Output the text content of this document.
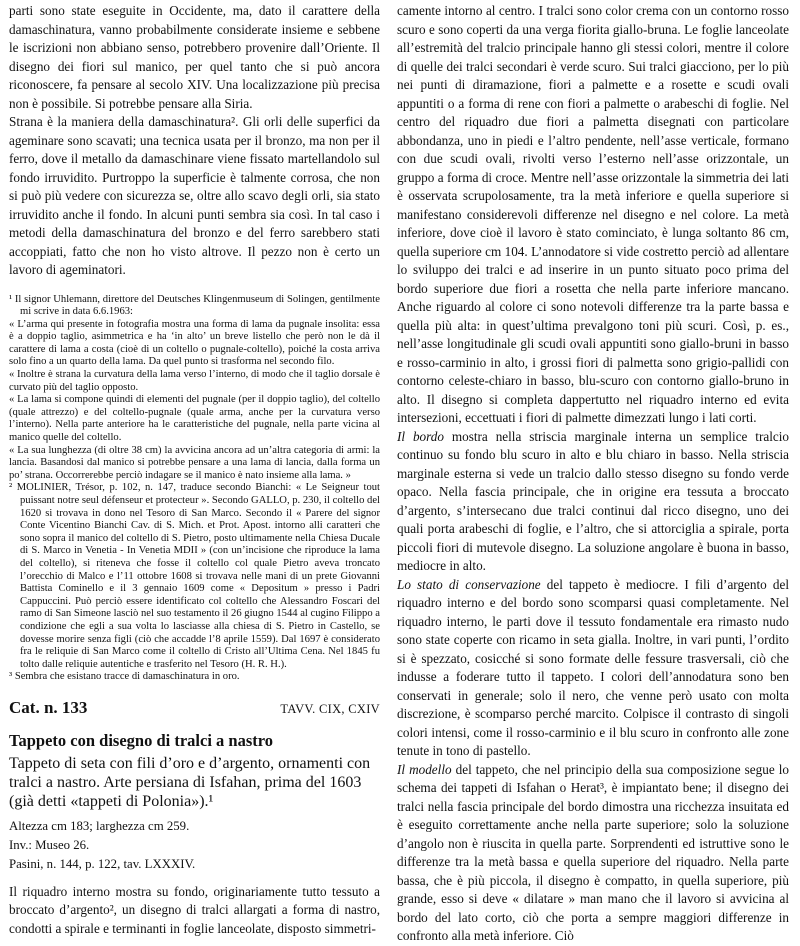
parti sono state eseguite in Occidente, ma, dato il carattere della damaschinatura, vanno probabilmente considerate insieme e sebbene le iscrizioni non abbiano senso, potrebbero provenire dall’Oriente. Il disegno dei fiori sul manico, per quel tanto che si può ancora riconoscere, fa pensare al secolo XIV. Una localizzazione più precisa non è possibile. Si potrebbe pensare alla Siria.

Strana è la maniera della damaschinatura². Gli orli delle superfici da ageminare sono scavati; una tecnica usata per il bronzo, ma non per il ferro, dove il metallo da damaschinare viene fissato martellandolo sul fondo irruvidito. Purtroppo la superficie è talmente corrosa, che non si può più vedere con sicurezza se, oltre allo scavo degli orli, sia stato irruvidito anche il fondo. In alcuni punti sembra sia così. In tal caso i metodi della damaschinatura del bronzo e del ferro sarebbero stati accoppiati, fatto che non ho visto altrove. Il pezzo non è certo un lavoro di ageminatori.

¹ Il signor Uhlemann, direttore del Deutsches Klingenmuseum di Solingen, gentilmente mi scrive in data 6.6.1963:

« L’arma qui presente in fotografia mostra una forma di lama da pugnale insolita: essa è a doppio taglio, asimmetrica e ha ‘in alto’ un breve listello che però non le dà il carattere di lama a costa (cioè di un coltello o pugnale-coltello), poiché la costa arriva solo fino a un quarto della lama. Da quel punto si trasforma nel secondo filo.

« Inoltre è strana la curvatura della lama verso l’interno, di modo che il taglio dorsale è curvato più del taglio opposto.

« La lama si compone quindi di elementi del pugnale (per il doppio taglio), del coltello (quale attrezzo) e del coltello-pugnale (quale arma, anche per la curvatura verso l’interno). Nella parte anteriore ha le caratteristiche del pugnale, nella parte vicina al manico quelle del coltello.

« La sua lunghezza (di oltre 38 cm) la avvicina ancora ad un’altra categoria di armi: la lancia. Basandosi dal manico si potrebbe pensare a una lama di lancia, dalla forma un po’ strana. Occorrerebbe perciò indagare se il manico è nato insieme alla lama. »

² MOLINIER, Trésor, p. 102, n. 147, traduce secondo Bianchi: « Le Seigneur tout puissant notre seul défenseur et protecteur ». Secondo GALLO, p. 230, il coltello del 1620 si trovava in dono nel Tesoro di San Marco. Secondo il « Parere del signor Conte Vicentino Bianchi Cav. di S. Mich. et Prot. Apost. intorno alli caratteri che sono sopra il manico del coltello di S. Pietro, posto ultimamente nella Chiesa Ducale di S. Marco in Venetia - In Venetia MDII » (con un’incisione che riproduce la lama del coltello), si riteneva che fosse il coltello col quale Pietro aveva troncato l’orecchio di Malco e l’11 ottobre 1608 si trovava nelle mani di un prete Giovanni Battista Cominello e il 3 gennaio 1609 come « Depositum » presso i Padri Cappuccini. Può perciò essere identificato col coltello che Alessandro Foscari del ramo di San Simeone lasciò nel suo testamento il 26 giugno 1544 al cugino Filippo a condizione che egli a sua volta lo lasciasse alla chiesa di S. Pietro in Castello, se dovesse morire senza figli (ciò che accadde l’8 aprile 1559). Dal 1697 è considerato fra le reliquie di San Marco come il coltello di Cristo all’Ultima Cena. Nel 1845 fu tolto dalle reliquie autentiche e trasferito nel Tesoro (H. R. H.).

³ Sembra che esistano tracce di damaschinatura in oro.

Cat. n. 133	TAVV. CIX, CXIV
Tappeto con disegno di tralci a nastro

Tappeto di seta con fili d’oro e d’argento, ornamenti con tralci a nastro. Arte persiana di Isfahan, prima del 1603 (già detti «tappeti di Polonia»).¹

Altezza cm 183; larghezza cm 259.
Inv.: Museo 26.
Pasini, n. 144, p. 122, tav. LXXXIV.

Il riquadro interno mostra su fondo, originariamente tutto tessuto a broccato d’argento², un disegno di tralci allargati a forma di nastro, condotti a spirale e terminanti in foglie lanceolate, disposto simmetri-

camente intorno al centro. I tralci sono color crema con un contorno rosso scuro e sono coperti da una verga fiorita giallo-bruna. Le foglie lanceolate all’estremità del tralcio principale hanno gli stessi colori, mentre il colore di quelle dei tralci secondari è verde scuro. Sui tralci giacciono, per lo più nei punti di diramazione, fiori a palmette e a rosette e scudi ovali appuntiti o a forma di rene con fiori a palmette o arabeschi di foglie. Nel centro del riquadro due fiori a palmetta disegnati con particolare abbondanza, uno in piedi e l’altro pendente, nell’asse verticale, formano con due scudi ovali, rivolti verso l’esterno nell’asse orizzontale, un gruppo a forma di croce. Mentre nell’asse orizzontale la simmetria dei lati è osservata scrupolosamente, tra la metà inferiore e quella superiore si manifestano considerevoli differenze nel disegno e nel colore. La metà inferiore, dove cioè il lavoro è stato cominciato, è lunga soltanto 86 cm, quella superiore cm 104. L’annodatore si vide costretto perciò ad allentare lo sviluppo dei tralci e ad inserire in un punto situato poco prima del bordo superiore due fiori a rosetta che nella parte inferiore mancano. Anche riguardo al colore ci sono notevoli differenze tra la parte bassa e quella più alta: in quest’ultima prevalgono toni più scuri. Così, p. es., nell’asse longitudinale gli scudi ovali appuntiti sono giallo-bruni in basso e rosso-carminio in alto, i grossi fiori di palmetta sono grigio-pallidi con contorno celeste-chiaro in basso, blu-scuro con contorno giallo-bruno in alto. Il disegno si completa dappertutto nel riquadro interno ed evita intersezioni, eccettuati i fiori di palmette dimezzati lungo i lati corti.

Il bordo mostra nella striscia marginale interna un semplice tralcio continuo su fondo blu scuro in alto e blu chiaro in basso. Nella striscia marginale esterna si vede un tralcio dallo stesso disegno su fondo verde opaco. Nella fascia principale, che in origine era tessuta a broccato d’argento, s’intersecano due tralci continui dal ricco disegno, uno dei quali porta arabeschi di foglie, e l’altro, che si attorciglia a spirale, porta piccoli fiori di mutevole disegno. La soluzione angolare è buona in basso, mediocre in alto.

Lo stato di conservazione del tappeto è mediocre. I fili d’argento del riquadro interno e del bordo sono scomparsi quasi completamente. Nel riquadro interno, le parti dove il tessuto fondamentale era rimasto nudo sono state coperte con ricamo in seta gialla. Inoltre, in vari punti, l’ordito si è spezzato, cosicché si sono formate delle fessure trasversali, ciò che indusse a foderare tutto il tappeto. I colori dell’annodatura sono ben conservati in generale; solo il nero, che venne però usato con molta discrezione, è scomparso perché marcito. Colpisce il contrasto di singoli colori intensi, come il rosso-carminio e il blu scuro in confronto alle zone tenute in tono di pastello.

Il modello del tappeto, che nel principio della sua composizione segue lo schema dei tappeti di Isfahan o Herat³, è impiantato bene; il disegno dei tralci nella fascia principale del bordo dimostra una ricchezza insuitata ed è eseguito correttamente anche nella parte superiore; solo la soluzione d’angolo non è riuscita in quella parte. Sorprendenti ed istruttive sono le differenze tra la metà bassa e quella superiore del riquadro. Nella parte bassa, che è più piccola, il disegno è compatto, in quella superiore, più grande, esso si deve « dilatare » man mano che il lavoro si avvicina al bordo del lato corto, ciò che porta a sempre maggiori differenze in confronto alla metà inferiore. Ciò
